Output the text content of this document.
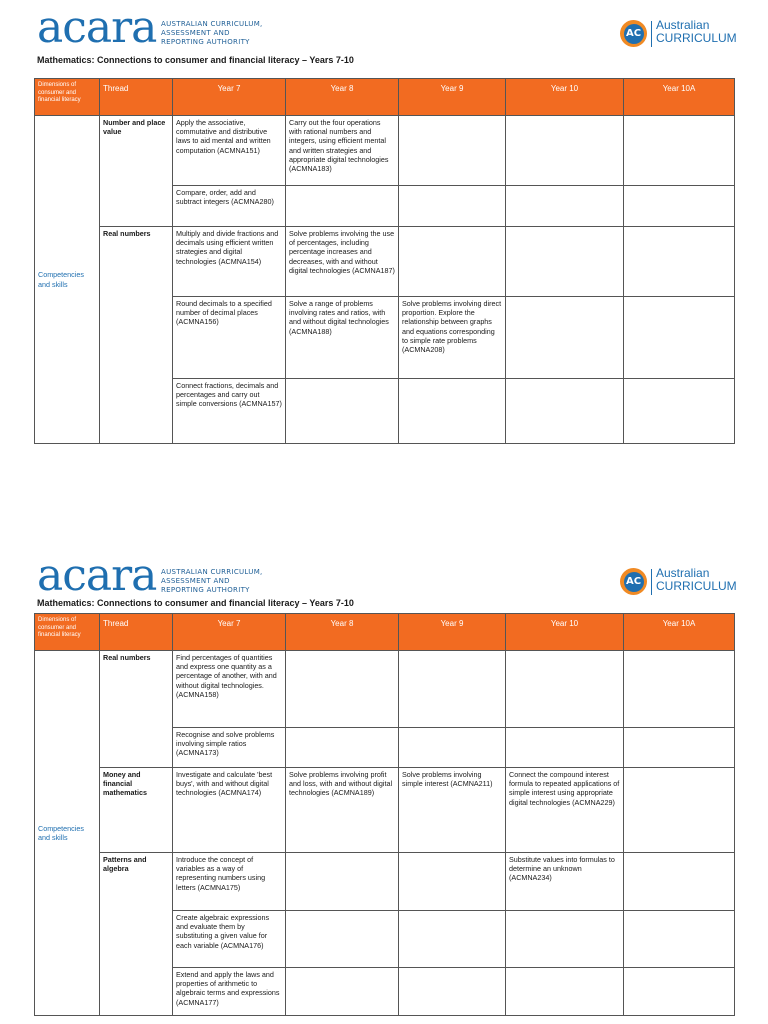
acara AUSTRALIAN CURRICULUM,
ASSESSMENT AND
REPORTING AUTHORITY
AC
Australian
CURRICULUM
Mathematics: Connections to consumer and financial literacy – Years 7-10
Dimensions of consumer and financial literacy	Thread	Year 7	Year 8	Year 9	Year 10	Year 10A
Competencies and skills	Number and place value	Apply the associative, commutative and distributive laws to aid mental and written computation (ACMNA151)	Carry out the four operations with rational numbers and integers, using efficient mental and written strategies and appropriate digital technologies (ACMNA183)			
		Compare, order, add and subtract integers (ACMNA280)				
	Real numbers	Multiply and divide fractions and decimals using efficient written strategies and digital technologies (ACMNA154)	Solve problems involving the use of percentages, including percentage increases and decreases, with and without digital technologies (ACMNA187)			
		Round decimals to a specified number of decimal places (ACMNA156)	Solve a range of problems involving rates and ratios, with and without digital technologies (ACMNA188)	Solve problems involving direct proportion. Explore the relationship between graphs and equations corresponding to simple rate problems (ACMNA208)		
		Connect fractions, decimals and percentages and carry out simple conversions (ACMNA157)				
acara AUSTRALIAN CURRICULUM,
ASSESSMENT AND
REPORTING AUTHORITY
AC
Australian
CURRICULUM
Mathematics: Connections to consumer and financial literacy – Years 7-10
Dimensions of consumer and financial literacy	Thread	Year 7	Year 8	Year 9	Year 10	Year 10A
Competencies and skills	Real numbers	Find percentages of quantities and express one quantity as a percentage of another, with and without digital technologies. (ACMNA158)				
		Recognise and solve problems involving simple ratios (ACMNA173)				
	Money and financial mathematics	Investigate and calculate 'best buys', with and without digital technologies (ACMNA174)	Solve problems involving profit and loss, with and without digital technologies (ACMNA189)	Solve problems involving simple interest (ACMNA211)	Connect the compound interest formula to repeated applications of simple interest using appropriate digital technologies (ACMNA229)	
	Patterns and algebra	Introduce the concept of variables as a way of representing numbers using letters (ACMNA175)			Substitute values into formulas to determine an unknown (ACMNA234)	
		Create algebraic expressions and evaluate them by substituting a given value for each variable (ACMNA176)				
		Extend and apply the laws and properties of arithmetic to algebraic terms and expressions (ACMNA177)				
